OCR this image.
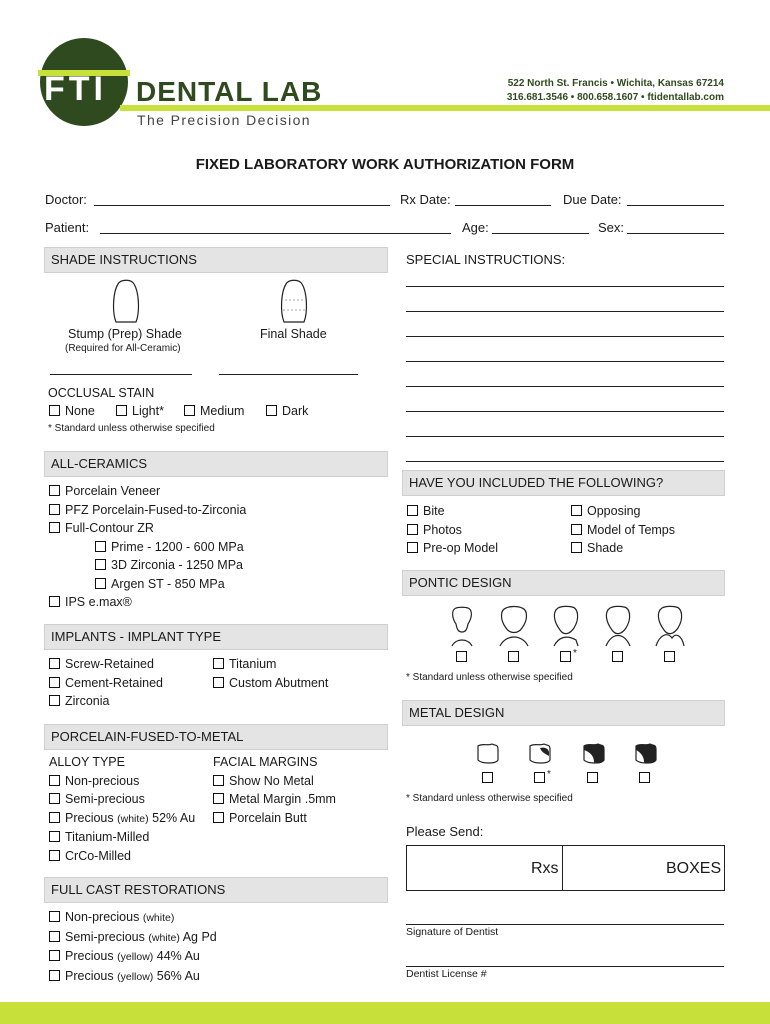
FTI DENTAL LAB
The Precision Decision
522 North St. Francis • Wichita, Kansas 67214
316.681.3546 • 800.658.1607 • ftidentallab.com
FIXED LABORATORY WORK AUTHORIZATION FORM
Doctor:	Rx Date:	Due Date:
Patient:	Age:	Sex:
SHADE INSTRUCTIONS
Stump (Prep) Shade
(Required for All-Ceramic)
Final Shade
OCCLUSAL STAIN
None	Light*	Medium	Dark
* Standard unless otherwise specified
ALL-CERAMICS
Porcelain Veneer
PFZ Porcelain-Fused-to-Zirconia
Full-Contour ZR
Prime - 1200 - 600 MPa
3D Zirconia - 1250 MPa
Argen ST - 850 MPa
IPS e.max®
IMPLANTS - IMPLANT TYPE
Screw-Retained
Cement-Retained
Zirconia
Titanium
Custom Abutment
PORCELAIN-FUSED-TO-METAL
ALLOY TYPE
Non-precious
Semi-precious
Precious (white) 52% Au
Titanium-Milled
CrCo-Milled
FACIAL MARGINS
Show No Metal
Metal Margin .5mm
Porcelain Butt
FULL CAST RESTORATIONS
Non-precious (white)
Semi-precious (white) Ag Pd
Precious (yellow) 44% Au
Precious (yellow) 56% Au
SPECIAL INSTRUCTIONS:
HAVE YOU INCLUDED THE FOLLOWING?
Bite
Photos
Pre-op Model
Opposing
Model of Temps
Shade
PONTIC DESIGN
*
* Standard unless otherwise specified
METAL DESIGN
*
* Standard unless otherwise specified
Please Send:
Rxs	BOXES
Signature of Dentist
Dentist License #
